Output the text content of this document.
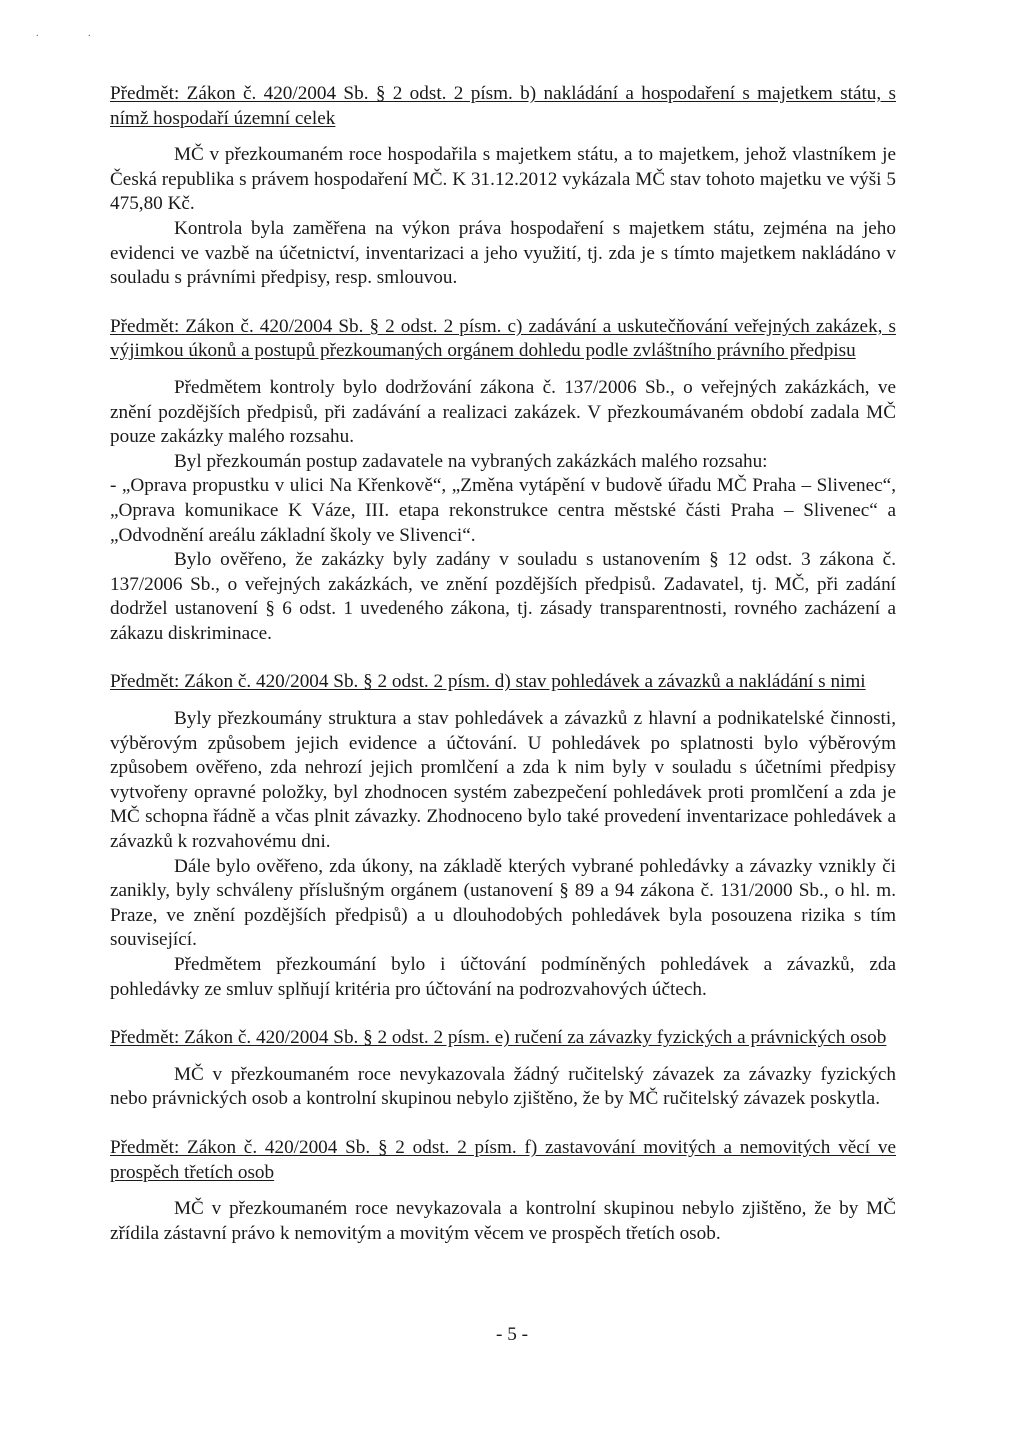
.	.

Předmět: Zákon č. 420/2004 Sb. § 2 odst. 2 písm. b) nakládání a hospodaření s majetkem státu, s nímž hospodaří územní celek

MČ v přezkoumaném roce hospodařila s majetkem státu, a to majetkem, jehož vlastníkem je Česká republika s právem hospodaření MČ. K 31.12.2012 vykázala MČ stav tohoto majetku ve výši 5 475,80 Kč.

Kontrola byla zaměřena na výkon práva hospodaření s majetkem státu, zejména na jeho evidenci ve vazbě na účetnictví, inventarizaci a jeho využití, tj. zda je s tímto majetkem nakládáno v souladu s právními předpisy, resp. smlouvou.

Předmět: Zákon č. 420/2004 Sb. § 2 odst. 2 písm. c) zadávání a uskutečňování veřejných zakázek, s výjimkou úkonů a postupů přezkoumaných orgánem dohledu podle zvláštního právního předpisu

Předmětem kontroly bylo dodržování zákona č. 137/2006 Sb., o veřejných zakázkách, ve znění pozdějších předpisů, při zadávání a realizaci zakázek. V přezkoumávaném období zadala MČ pouze zakázky malého rozsahu.

Byl přezkoumán postup zadavatele na vybraných zakázkách malého rozsahu:

- „Oprava propustku v ulici Na Křenkově“, „Změna vytápění v budově úřadu MČ Praha – Slivenec“, „Oprava komunikace K Váze, III. etapa rekonstrukce centra městské části Praha – Slivenec“ a „Odvodnění areálu základní školy ve Slivenci“.

Bylo ověřeno, že zakázky byly zadány v souladu s ustanovením § 12 odst. 3 zákona č. 137/2006 Sb., o veřejných zakázkách, ve znění pozdějších předpisů. Zadavatel, tj. MČ, při zadání dodržel ustanovení § 6 odst. 1 uvedeného zákona, tj. zásady transparentnosti, rovného zacházení a zákazu diskriminace.

Předmět: Zákon č. 420/2004 Sb. § 2 odst. 2 písm. d) stav pohledávek a závazků a nakládání s nimi

Byly přezkoumány struktura a stav pohledávek a závazků z hlavní a podnikatelské činnosti, výběrovým způsobem jejich evidence a účtování. U pohledávek po splatnosti bylo výběrovým způsobem ověřeno, zda nehrozí jejich promlčení a zda k nim byly v souladu s účetními předpisy vytvořeny opravné položky, byl zhodnocen systém zabezpečení pohledávek proti promlčení a zda je MČ schopna řádně a včas plnit závazky. Zhodnoceno bylo také provedení inventarizace pohledávek a závazků k rozvahovému dni.

Dále bylo ověřeno, zda úkony, na základě kterých vybrané pohledávky a závazky vznikly či zanikly, byly schváleny příslušným orgánem (ustanovení § 89 a 94 zákona č. 131/2000 Sb., o hl. m. Praze, ve znění pozdějších předpisů) a u dlouhodobých pohledávek byla posouzena rizika s tím související.

Předmětem přezkoumání bylo i účtování podmíněných pohledávek a závazků, zda pohledávky ze smluv splňují kritéria pro účtování na podrozvahových účtech.

Předmět: Zákon č. 420/2004 Sb. § 2 odst. 2 písm. e) ručení za závazky fyzických a právnických osob

MČ v přezkoumaném roce nevykazovala žádný ručitelský závazek za závazky fyzických nebo právnických osob a kontrolní skupinou nebylo zjištěno, že by MČ ručitelský závazek poskytla.

Předmět: Zákon č. 420/2004 Sb. § 2 odst. 2 písm. f) zastavování movitých a nemovitých věcí ve prospěch třetích osob

MČ v přezkoumaném roce nevykazovala a kontrolní skupinou nebylo zjištěno, že by MČ zřídila zástavní právo k nemovitým a movitým věcem ve prospěch třetích osob.

- 5 -
